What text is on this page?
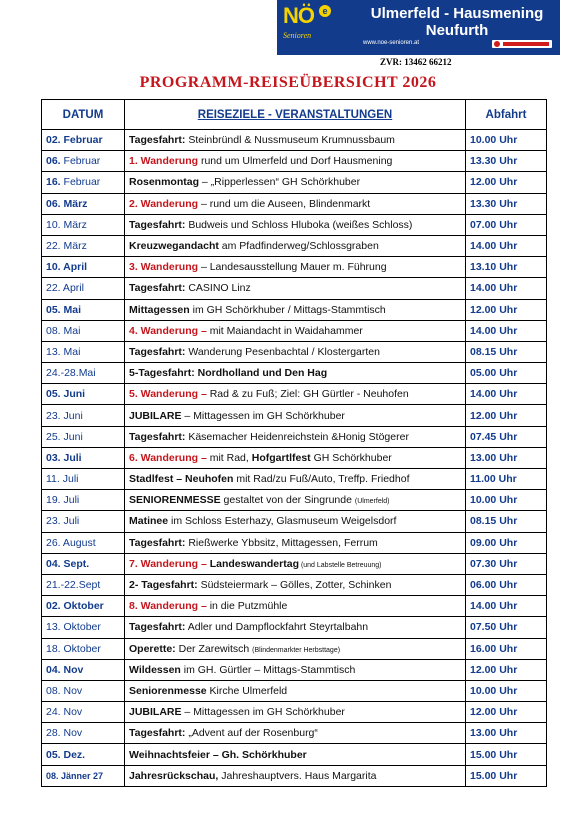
NÖ e
Senioren
Ulmerfeld - Hausmening
Neufurth
www.noe-senioren.at
ZVR: 13462 66212
PROGRAMM-REISEÜBERSICHT 2026
DATUM	REISEZIELE - VERANSTALTUNGEN	Abfahrt
02. Februar	Tagesfahrt: Steinbründl & Nussmuseum Krumnussbaum	10.00 Uhr
06. Februar	1. Wanderung rund um Ulmerfeld und Dorf Hausmening	13.30 Uhr
16. Februar	Rosenmontag – „Ripperlessen“ GH Schörkhuber	12.00 Uhr
06. März	2. Wanderung – rund um die Auseen, Blindenmarkt	13.30 Uhr
10. März	Tagesfahrt: Budweis und Schloss Hluboka (weißes Schloss)	07.00 Uhr
22. März	Kreuzwegandacht am Pfadfinderweg/Schlossgraben	14.00 Uhr
10. April	3. Wanderung – Landesausstellung Mauer m. Führung	13.10 Uhr
22. April	Tagesfahrt: CASINO Linz	14.00 Uhr
05. Mai	Mittagessen im GH Schörkhuber / Mittags-Stammtisch	12.00 Uhr
08. Mai	4. Wanderung – mit Maiandacht in Waidahammer	14.00 Uhr
13. Mai	Tagesfahrt: Wanderung Pesenbachtal / Klostergarten	08.15 Uhr
24.-28.Mai	5-Tagesfahrt: Nordholland und Den Hag	05.00 Uhr
05. Juni	5. Wanderung – Rad & zu Fuß; Ziel: GH Gürtler - Neuhofen	14.00 Uhr
23. Juni	JUBILARE – Mittagessen im GH Schörkhuber	12.00 Uhr
25. Juni	Tagesfahrt: Käsemacher Heidenreichstein &Honig Stögerer	07.45 Uhr
03. Juli	6. Wanderung – mit Rad, Hofgartlfest GH Schörkhuber	13.00 Uhr
11. Juli	Stadlfest – Neuhofen mit Rad/zu Fuß/Auto, Treffp. Friedhof	11.00 Uhr
19. Juli	SENIORENMESSE gestaltet von der Singrunde (Ulmerfeld)	10.00 Uhr
23. Juli	Matinee im Schloss Esterhazy, Glasmuseum Weigelsdorf	08.15 Uhr
26. August	Tagesfahrt: Rießwerke Ybbsitz, Mittagessen, Ferrum	09.00 Uhr
04. Sept.	7. Wanderung – Landeswandertag (und Labstelle Betreuung)	07.30 Uhr
21.-22.Sept	2- Tagesfahrt: Südsteiermark – Gölles, Zotter, Schinken	06.00 Uhr
02. Oktober	8. Wanderung – in die Putzmühle	14.00 Uhr
13. Oktober	Tagesfahrt: Adler und Dampflockfahrt Steyrtalbahn	07.50 Uhr
18. Oktober	Operette: Der Zarewitsch (Blindenmarkter Herbsttage)	16.00 Uhr
04. Nov	Wildessen im GH. Gürtler – Mittags-Stammtisch	12.00 Uhr
08. Nov	Seniorenmesse Kirche Ulmerfeld	10.00 Uhr
24. Nov	JUBILARE – Mittagessen im GH Schörkhuber	12.00 Uhr
28. Nov	Tagesfahrt: „Advent auf der Rosenburg“	13.00 Uhr
05. Dez.	Weihnachtsfeier – Gh. Schörkhuber	15.00 Uhr
08. Jänner 27	Jahresrückschau, Jahreshauptvers. Haus Margarita	15.00 Uhr
